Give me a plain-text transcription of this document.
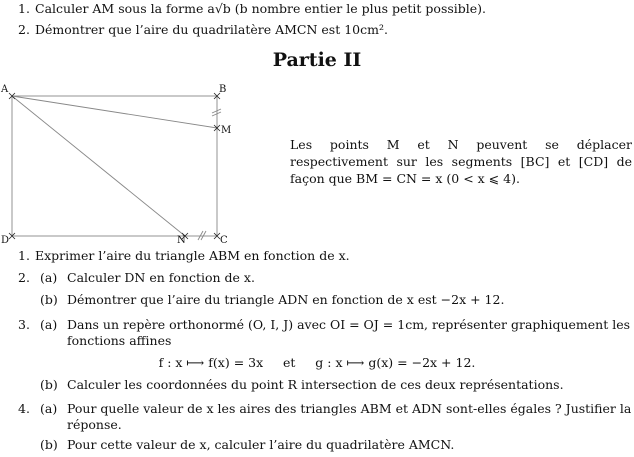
1. Calculer AM sous la forme a√b (b nombre entier le plus petit possible).
2. Démontrer que l’aire du quadrilatère AMCN est 10cm².
Partie II
A	B
M
D	N	C
Les points M et N peuvent se déplacer respectivement sur les segments [BC] et [CD] de façon que BM = CN = x (0 < x ⩽ 4).
1. Exprimer l’aire du triangle ABM en fonction de x.
2. (a) Calculer DN en fonction de x.
(b) Démontrer que l’aire du triangle ADN en fonction de x est −2x + 12.
3. (a) Dans un repère orthonormé (O, I, J) avec OI = OJ = 1cm, représenter graphiquement les
fonctions affines
f : x ⟼ f(x) = 3x     et     g : x ⟼ g(x) = −2x + 12.
(b) Calculer les coordonnées du point R intersection de ces deux représentations.
4. (a) Pour quelle valeur de x les aires des triangles ABM et ADN sont-elles égales ? Justifier la
réponse.
(b) Pour cette valeur de x, calculer l’aire du quadrilatère AMCN.
